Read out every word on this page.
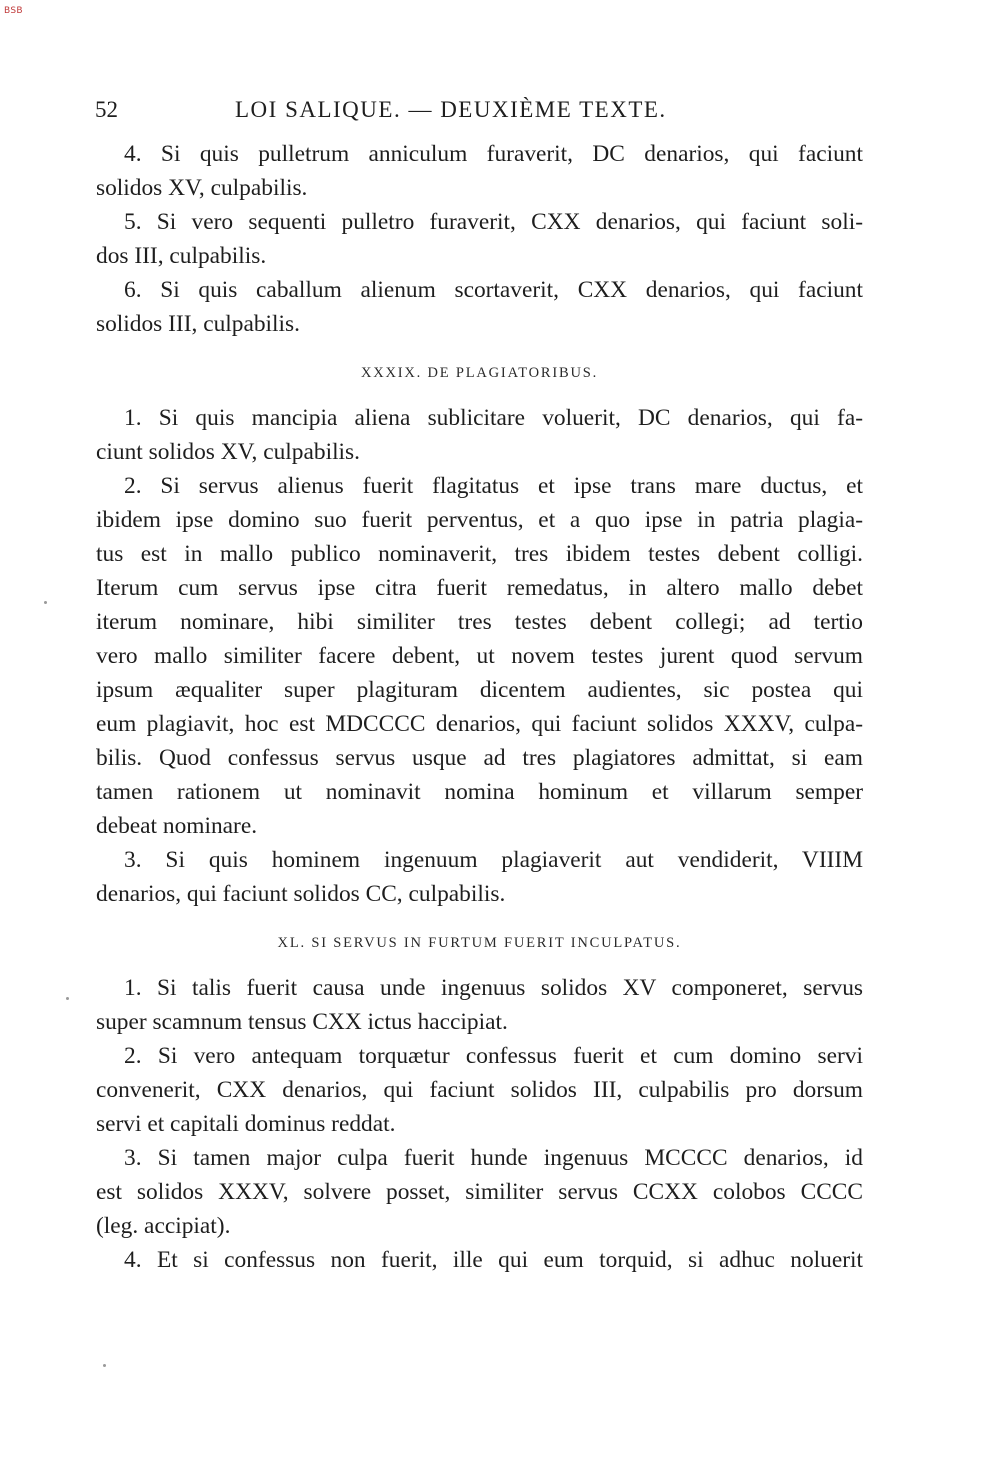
BSB
52	LOI SALIQUE. — DEUXIÈME TEXTE.
4. Si quis pulletrum anniculum furaverit, DC denarios, qui faciunt
solidos XV, culpabilis.
5. Si vero sequenti pulletro furaverit, CXX denarios, qui faciunt soli-
dos III, culpabilis.
6. Si quis caballum alienum scortaverit, CXX denarios, qui faciunt
solidos III, culpabilis.
XXXIX. DE PLAGIATORIBUS.
1. Si quis mancipia aliena sublicitare voluerit, DC denarios, qui fa-
ciunt solidos XV, culpabilis.
2. Si servus alienus fuerit flagitatus et ipse trans mare ductus, et
ibidem ipse domino suo fuerit perventus, et a quo ipse in patria plagia-
tus est in mallo publico nominaverit, tres ibidem testes debent colligi.
Iterum cum servus ipse citra fuerit remedatus, in altero mallo debet
iterum nominare, hibi similiter tres testes debent collegi; ad tertio
vero mallo similiter facere debent, ut novem testes jurent quod servum
ipsum æqualiter super plagituram dicentem audientes, sic postea qui
eum plagiavit, hoc est MDCCCC denarios, qui faciunt solidos XXXV, culpa-
bilis. Quod confessus servus usque ad tres plagiatores admittat, si eam
tamen rationem ut nominavit nomina hominum et villarum semper
debeat nominare.
3. Si quis hominem ingenuum plagiaverit aut vendiderit, VIIIM
denarios, qui faciunt solidos CC, culpabilis.
XL. SI SERVUS IN FURTUM FUERIT INCULPATUS.
1. Si talis fuerit causa unde ingenuus solidos XV componeret, servus
super scamnum tensus CXX ictus haccipiat.
2. Si vero antequam torquætur confessus fuerit et cum domino servi
convenerit, CXX denarios, qui faciunt solidos III, culpabilis pro dorsum
servi et capitali dominus reddat.
3. Si tamen major culpa fuerit hunde ingenuus MCCCC denarios, id
est solidos XXXV, solvere posset, similiter servus CCXX colobos CCCC
(leg. accipiat).
4. Et si confessus non fuerit, ille qui eum torquid, si adhuc noluerit
